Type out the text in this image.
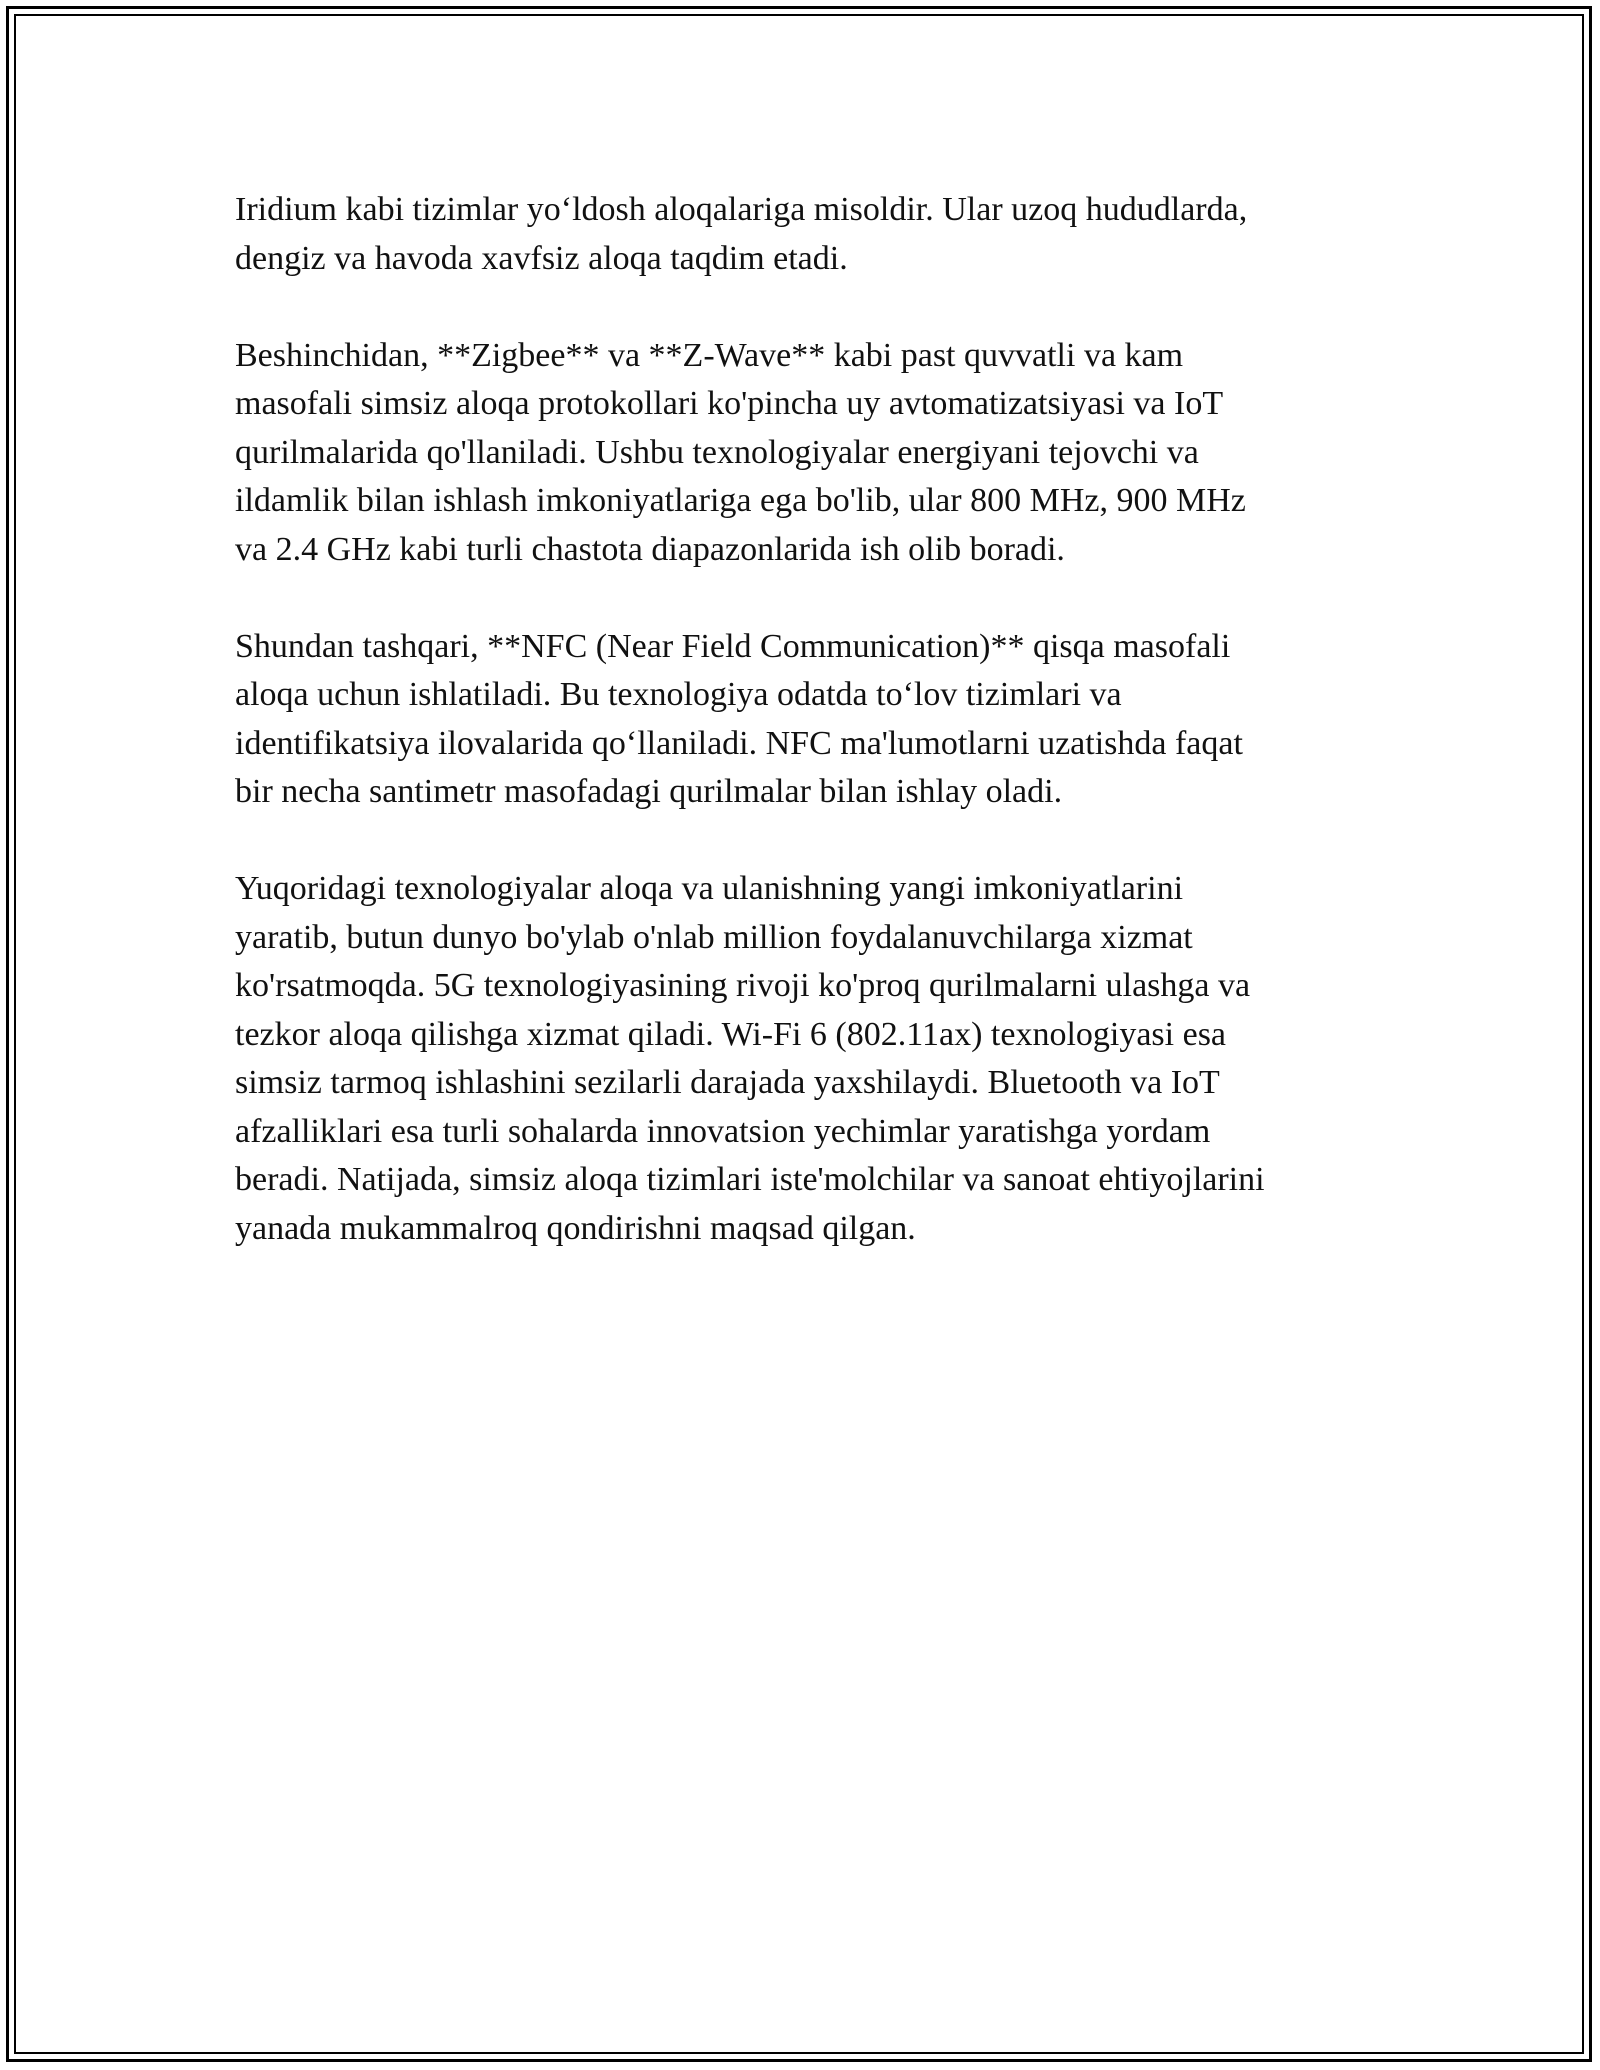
Iridium kabi tizimlar yo‘ldosh aloqalariga misoldir. Ular uzoq hududlarda,
dengiz va havoda xavfsiz aloqa taqdim etadi.

Beshinchidan, **Zigbee** va **Z-Wave** kabi past quvvatli va kam
masofali simsiz aloqa protokollari ko'pincha uy avtomatizatsiyasi va IoT
qurilmalarida qo'llaniladi. Ushbu texnologiyalar energiyani tejovchi va
ildamlik bilan ishlash imkoniyatlariga ega bo'lib, ular 800 MHz, 900 MHz
va 2.4 GHz kabi turli chastota diapazonlarida ish olib boradi.

Shundan tashqari, **NFC (Near Field Communication)** qisqa masofali
aloqa uchun ishlatiladi. Bu texnologiya odatda to‘lov tizimlari va
identifikatsiya ilovalarida qo‘llaniladi. NFC ma'lumotlarni uzatishda faqat
bir necha santimetr masofadagi qurilmalar bilan ishlay oladi.

Yuqoridagi texnologiyalar aloqa va ulanishning yangi imkoniyatlarini
yaratib, butun dunyo bo'ylab o'nlab million foydalanuvchilarga xizmat
ko'rsatmoqda. 5G texnologiyasining rivoji ko'proq qurilmalarni ulashga va
tezkor aloqa qilishga xizmat qiladi. Wi-Fi 6 (802.11ax) texnologiyasi esa
simsiz tarmoq ishlashini sezilarli darajada yaxshilaydi. Bluetooth va IoT
afzalliklari esa turli sohalarda innovatsion yechimlar yaratishga yordam
beradi. Natijada, simsiz aloqa tizimlari iste'molchilar va sanoat ehtiyojlarini
yanada mukammalroq qondirishni maqsad qilgan.
